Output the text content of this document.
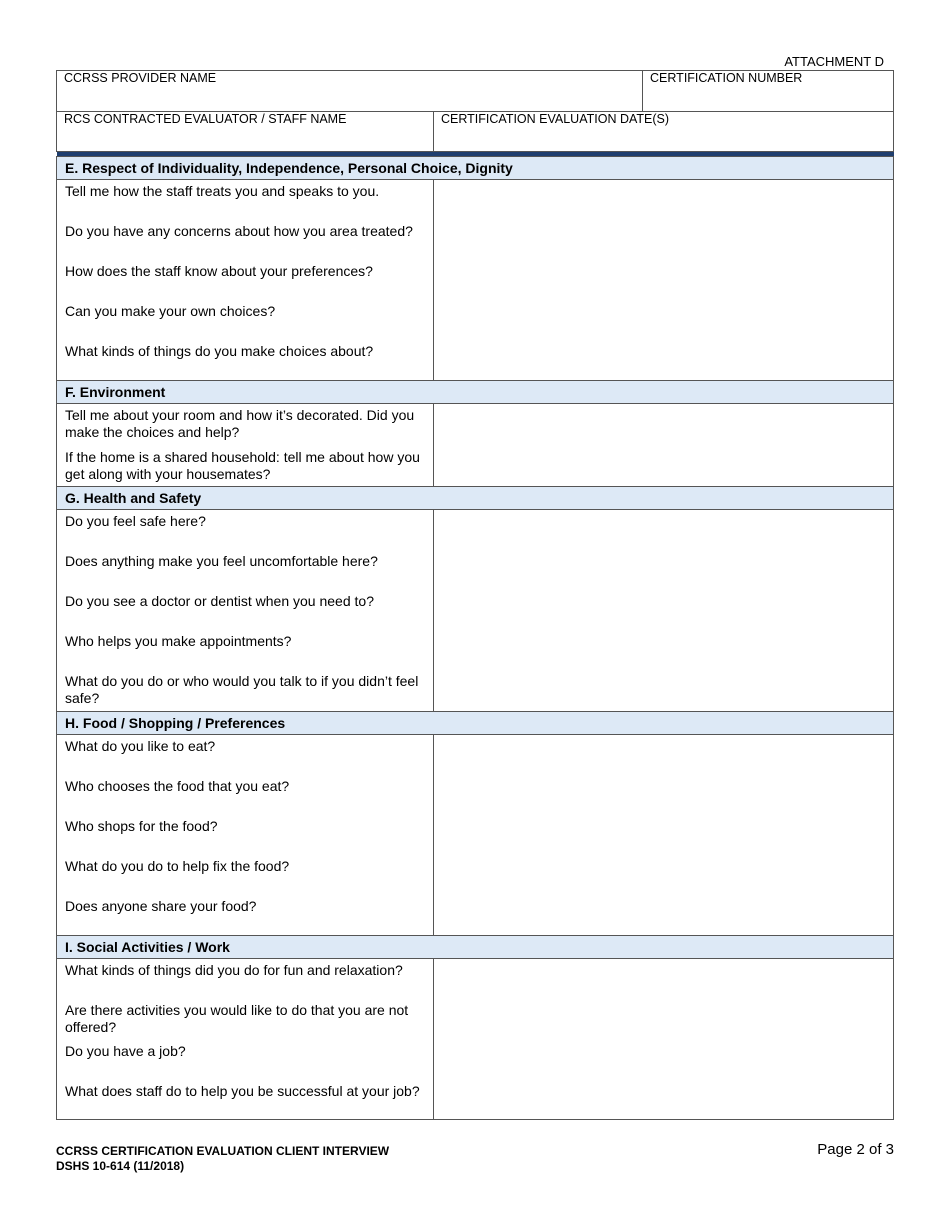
ATTACHMENT D
CCRSS PROVIDER NAME		CERTIFICATION NUMBER

RCS CONTRACTED EVALUATOR / STAFF NAME	CERTIFICATION EVALUATION DATE(S)	

E. Respect of Individuality, Independence, Personal Choice, Dignity		

Tell me how the staff treats you and speaks to you.
Do you have any concerns about how you area treated?
How does the staff know about your preferences?
Can you make your own choices?
What kinds of things do you make choices about?		

F. Environment		

Tell me about your room and how it’s decorated. Did you make the choices and help?
If the home is a shared household: tell me about how you get along with your housemates?		

G. Health and Safety		

Do you feel safe here?
Does anything make you feel uncomfortable here?
Do you see a doctor or dentist when you need to?
Who helps you make appointments?
What do you do or who would you talk to if you didn’t feel safe?		

H. Food / Shopping / Preferences		

What do you like to eat?
Who chooses the food that you eat?
Who shops for the food?
What do you do to help fix the food?
Does anyone share your food?		

I. Social Activities / Work		

What kinds of things did you do for fun and relaxation?
Are there activities you would like to do that you are not offered?
Do you have a job?
What does staff do to help you be successful at your job?		

CCRSS CERTIFICATION EVALUATION CLIENT INTERVIEW
DSHS 10-614 (11/2018)
Page 2 of 3
